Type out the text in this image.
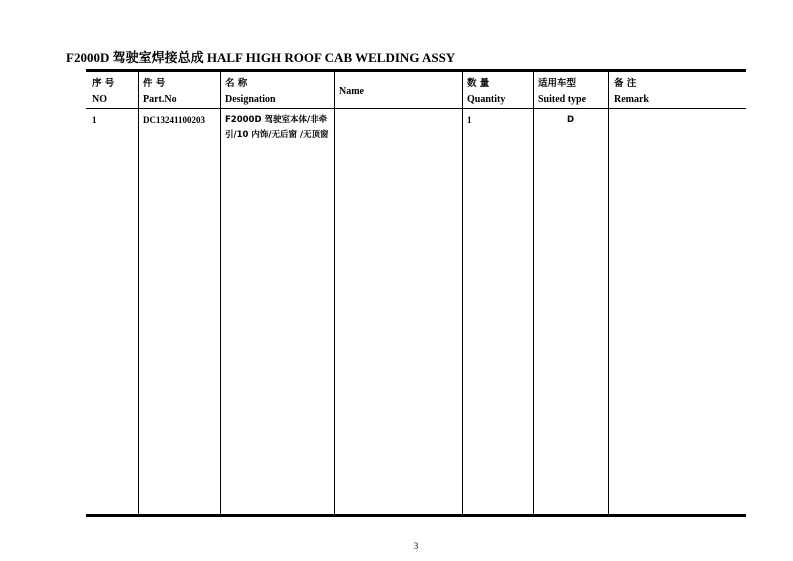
F2000D 驾驶室焊接总成 HALF HIGH ROOF CAB WELDING ASSY
序 号
NO
件 号
Part.No
名 称
Designation
Name
数 量
Quantity
适用车型
Suited type
备 注
Remark
1	DC13241100203 F2000D 驾驶室本体/非牵引/10 内饰/无后窗 /无顶窗
1	D
3
